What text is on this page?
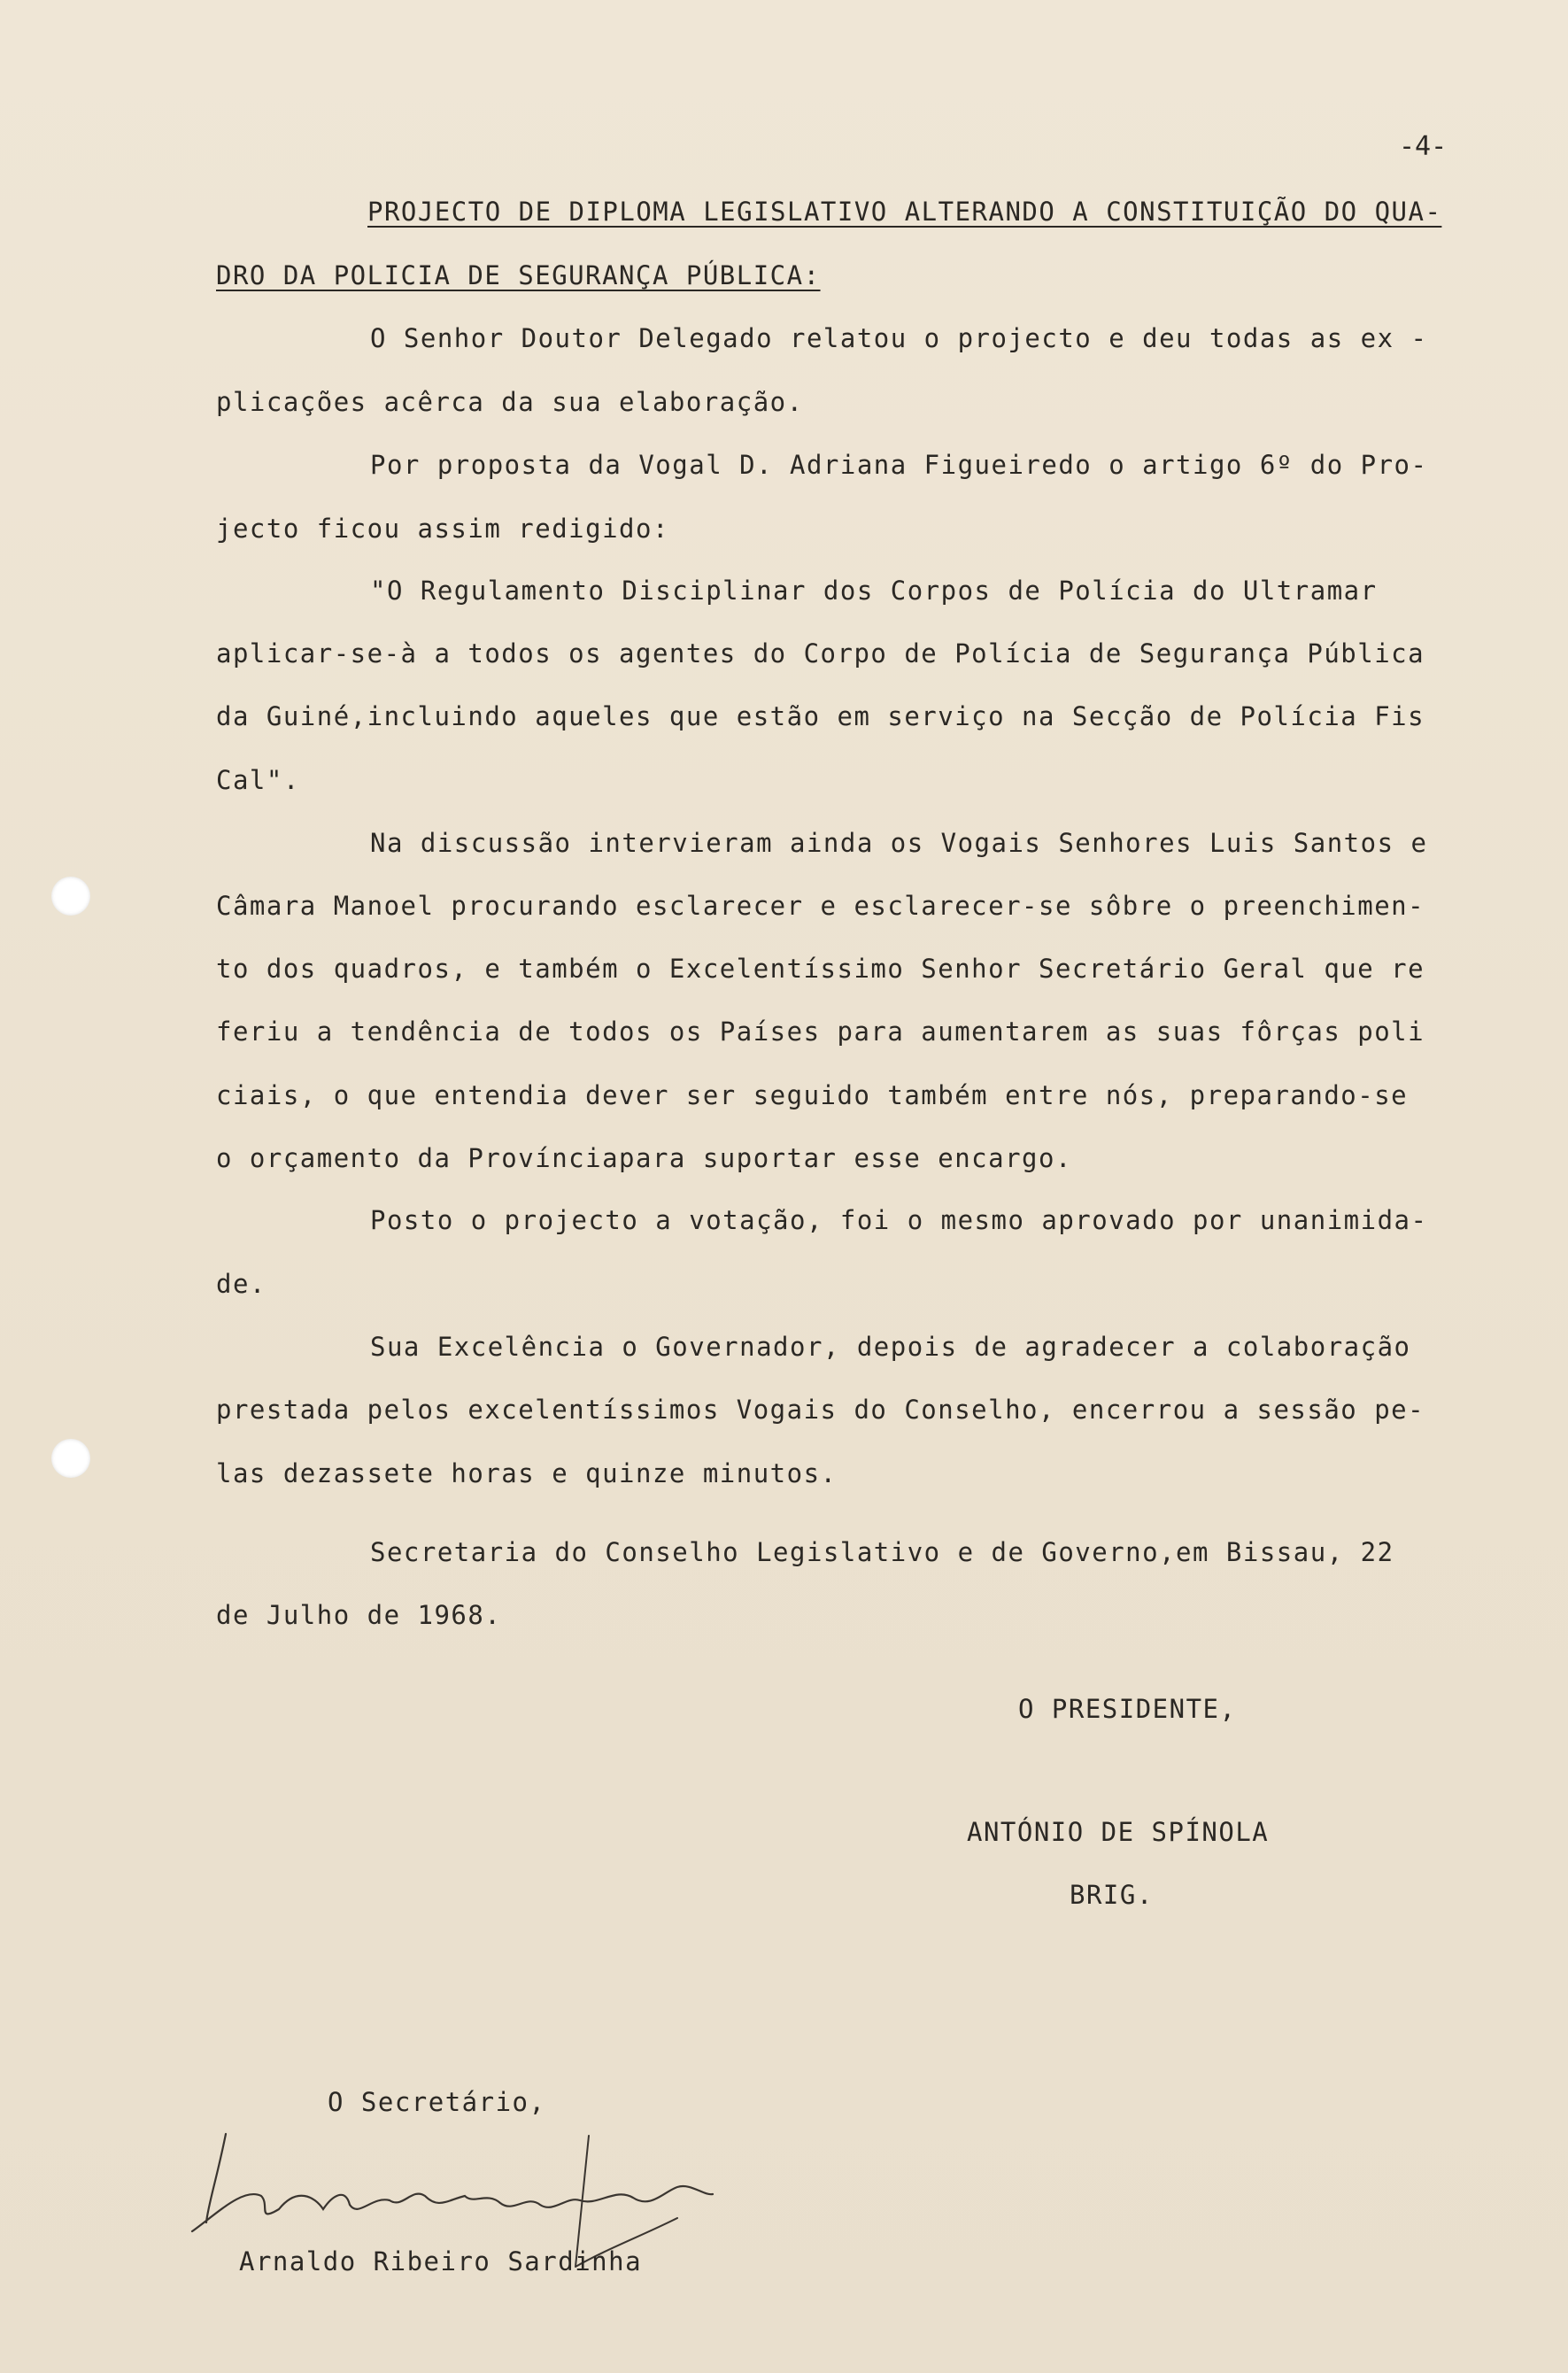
-4-
PROJECTO DE DIPLOMA LEGISLATIVO ALTERANDO A CONSTITUIÇÃO DO QUA-
DRO DA POLICIA DE SEGURANÇA PÚBLICA:
O Senhor Doutor Delegado relatou o projecto e deu todas as ex -
plicações acêrca da sua elaboração.
Por proposta da Vogal D. Adriana Figueiredo o artigo 6º do Pro-
jecto ficou assim redigido:
"O Regulamento Disciplinar dos Corpos de Polícia do Ultramar
aplicar-se-à a todos os agentes do Corpo de Polícia de Segurança Pública
da Guiné,incluindo aqueles que estão em serviço na Secção de Polícia Fis
Cal".
Na discussão intervieram ainda os Vogais Senhores Luis Santos e
Câmara Manoel procurando esclarecer e esclarecer-se sôbre o preenchimen-
to dos quadros, e também o Excelentíssimo Senhor Secretário Geral que re
feriu a tendência de todos os Países para aumentarem as suas fôrças poli
ciais, o que entendia dever ser seguido também entre nós, preparando-se
o orçamento da Provínciapara suportar esse encargo.
Posto o projecto a votação, foi o mesmo aprovado por unanimida-
de.
Sua Excelência o Governador, depois de agradecer a colaboração
prestada pelos excelentíssimos Vogais do Conselho, encerrou a sessão pe-
las dezassete horas e quinze minutos.
Secretaria do Conselho Legislativo e de Governo,em Bissau, 22
de Julho de 1968.
O PRESIDENTE,
ANTÓNIO DE SPÍNOLA
BRIG.
O Secretário,
Arnaldo Ribeiro Sardinha
